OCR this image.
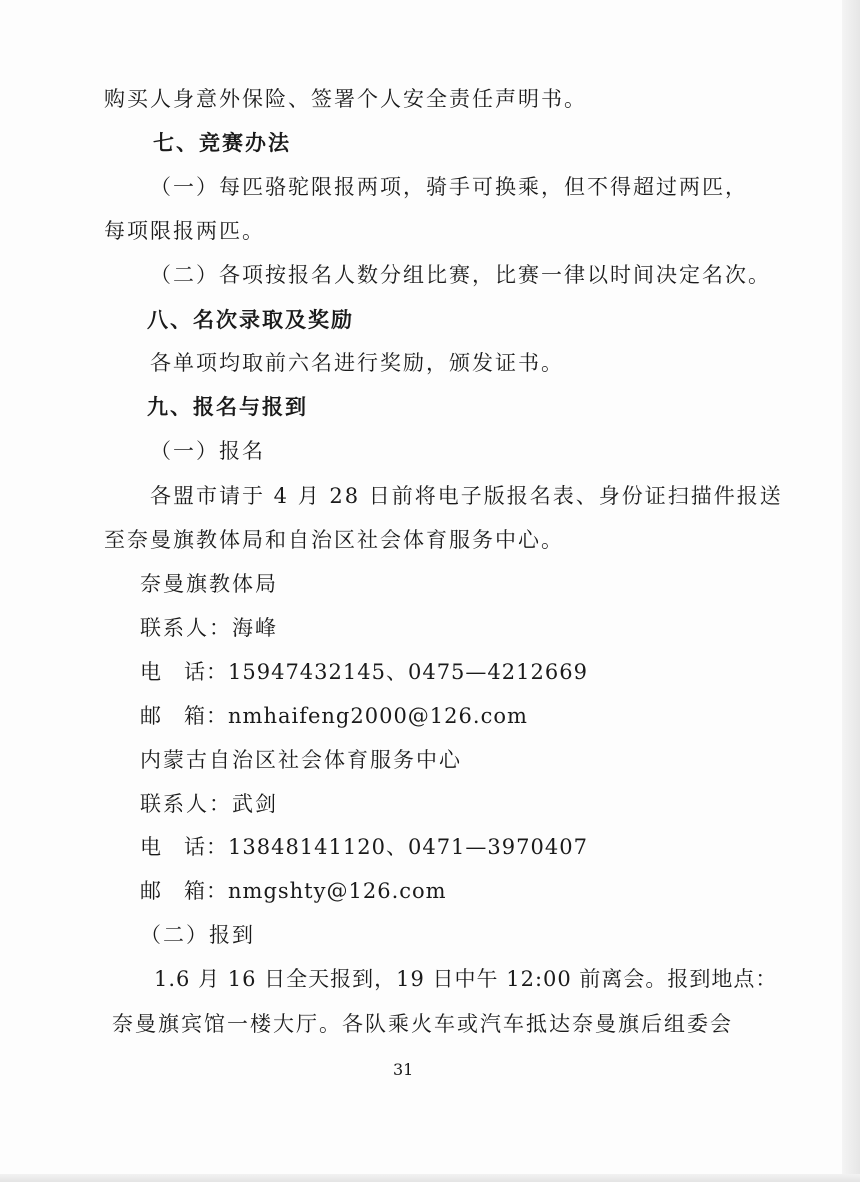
购买人身意外保险、签署个人安全责任声明书。
七、竞赛办法
（一）每匹骆驼限报两项，骑手可换乘，但不得超过两匹，
每项限报两匹。
（二）各项按报名人数分组比赛，比赛一律以时间决定名次。
八、名次录取及奖励
各单项均取前六名进行奖励，颁发证书。
九、报名与报到
（一）报名
各盟市请于 4 月 28 日前将电子版报名表、身份证扫描件报送
至奈曼旗教体局和自治区社会体育服务中心。
奈曼旗教体局
联系人：海峰
电　话：15947432145、0475—4212669
邮　箱：nmhaifeng2000@126.com
内蒙古自治区社会体育服务中心
联系人：武剑
电　话：13848141120、0471—3970407
邮　箱：nmgshty@126.com
（二）报到
1.6 月 16 日全天报到，19 日中午 12:00 前离会。报到地点：
奈曼旗宾馆一楼大厅。各队乘火车或汽车抵达奈曼旗后组委会
31
